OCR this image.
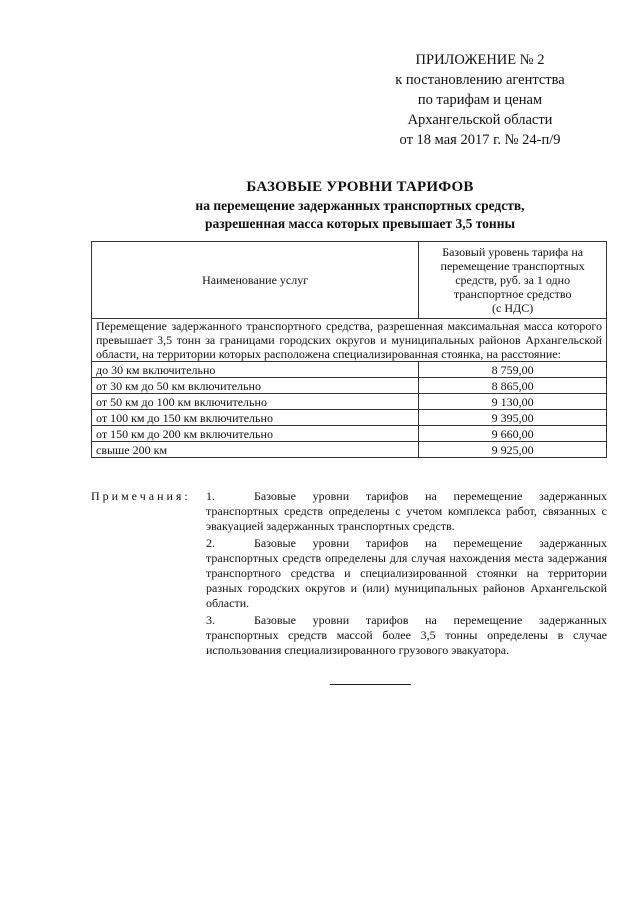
ПРИЛОЖЕНИЕ № 2
к постановлению агентства
по тарифам и ценам
Архангельской области
от 18 мая 2017 г. № 24-п/9
БАЗОВЫЕ УРОВНИ ТАРИФОВ
на перемещение задержанных транспортных средств,
разрешенная масса которых превышает 3,5 тонны
Наименование услуг	Базовый уровень тарифа на
перемещение транспортных
средств, руб. за 1 одно
транспортное средство
(с НДС)

Перемещение задержанного транспортного средства, разрешенная максимальная масса которого превышает 3,5 тонн за границами городских округов и муниципальных районов Архангельской области, на территории которых расположена специализированная стоянка, на расстояние:	
до 30 км включительно	8 759,00
от 30 км до 50 км включительно	8 865,00
от 50 км до 100 км включительно	9 130,00
от 100 км до 150 км включительно	9 395,00
от 150 км до 200 км включительно	9 660,00
свыше 200 км	9 925,00
Примечания: 1.	Базовые уровни тарифов на перемещение задержанных транспортных средств определены с учетом комплекса работ, связанных с эвакуацией задержанных транспортных средств.
2.	Базовые уровни тарифов на перемещение задержанных транспортных средств определены для случая нахождения места задержания транспортного средства и специализированной стоянки на территории разных городских округов и (или) муниципальных районов Архангельской области.
3.	Базовые уровни тарифов на перемещение задержанных транспортных средств массой более 3,5 тонны определены в случае использования специализированного грузового эвакуатора.
